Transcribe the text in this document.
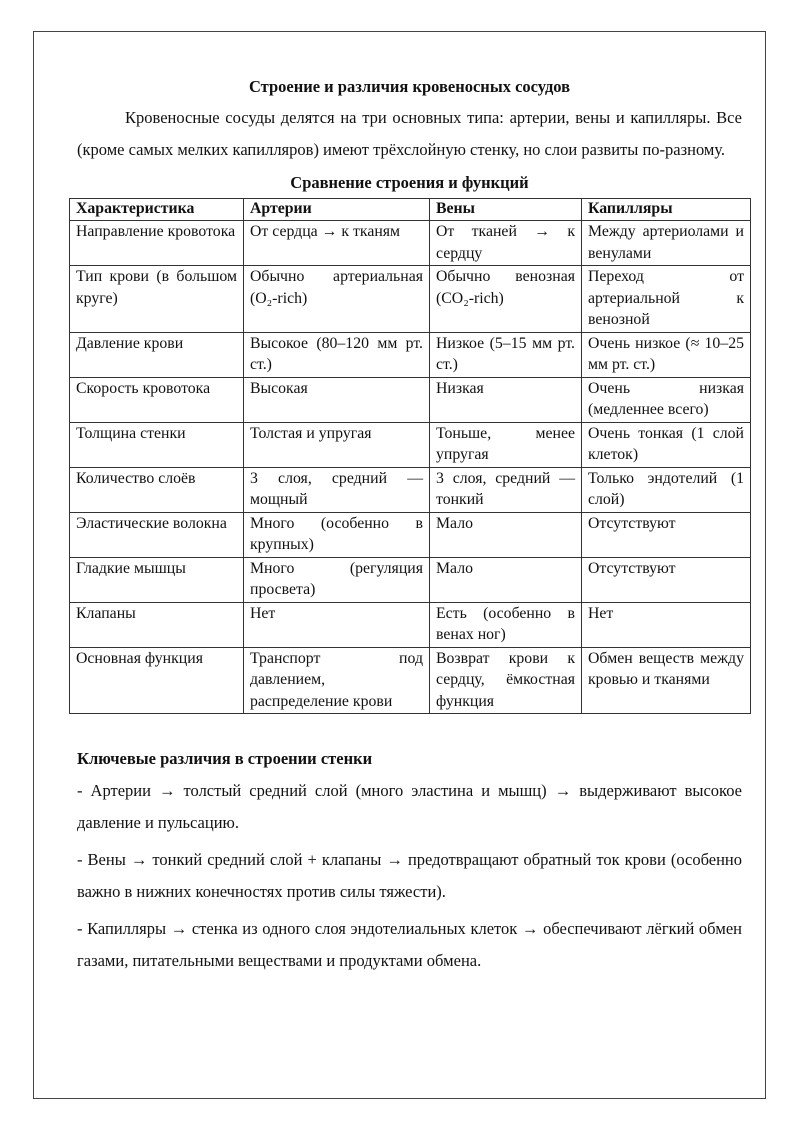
Строение и различия кровеносных сосудов

Кровеносные сосуды делятся на три основных типа: артерии, вены и капилляры. Все (кроме самых мелких капилляров) имеют трёхслойную стенку, но слои развиты по-разному.

Сравнение строения и функций

Характеристика	Артерии	Вены	Капилляры
Направление кровотока	От сердца → к тканям	От тканей → к сердцу	Между артериолами и венулами
Тип крови (в большом круге)	Обычно артериальная (O₂-rich)	Обычно венозная (CO₂-rich)	Переход от артериальной к венозной
Давление крови	Высокое (80–120 мм рт. ст.)	Низкое (5–15 мм рт. ст.)	Очень низкое (≈ 10–25 мм рт. ст.)
Скорость кровотока	Высокая	Низкая	Очень низкая (медленнее всего)
Толщина стенки	Толстая и упругая	Тоньше, менее упругая	Очень тонкая (1 слой клеток)
Количество слоёв	3 слоя, средний — мощный	3 слоя, средний — тонкий	Только эндотелий (1 слой)
Эластические волокна	Много (особенно в крупных)	Мало	Отсутствуют
Гладкие мышцы	Много (регуляция просвета)	Мало	Отсутствуют
Клапаны	Нет	Есть (особенно в венах ног)	Нет
Основная функция	Транспорт под давлением, распределение крови	Возврат крови к сердцу, ёмкостная функция	Обмен веществ между кровью и тканями

Ключевые различия в строении стенки

- Артерии → толстый средний слой (много эластина и мышц) → выдерживают высокое давление и пульсацию.

- Вены → тонкий средний слой + клапаны → предотвращают обратный ток крови (особенно важно в нижних конечностях против силы тяжести).

- Капилляры → стенка из одного слоя эндотелиальных клеток → обеспечивают лёгкий обмен газами, питательными веществами и продуктами обмена.
